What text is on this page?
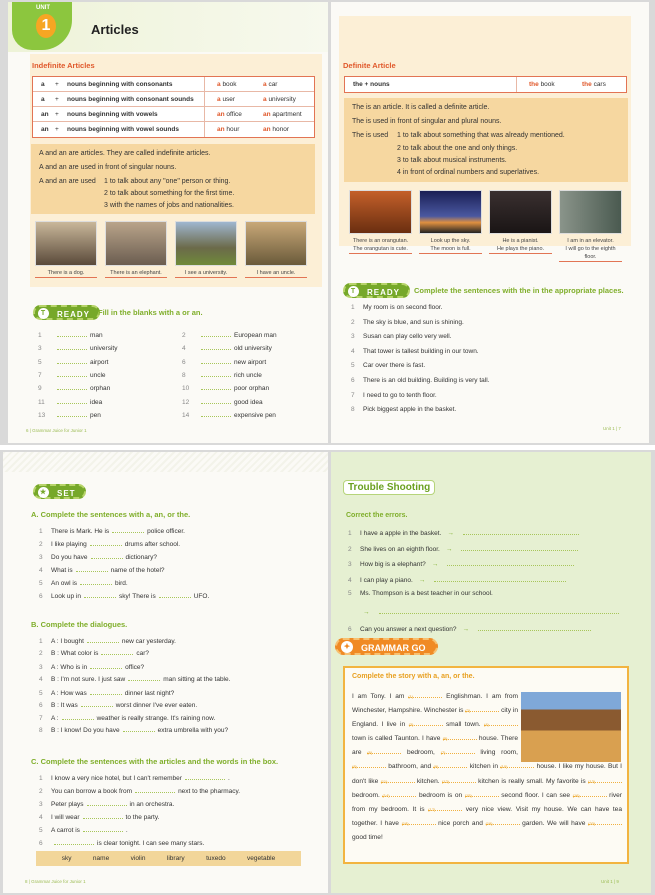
UNIT
1	Articles
Indefinite Articles
a	+	nouns beginning with consonants	a book	a car
a	+	nouns beginning with consonant sounds	a user	a university
an +	nouns beginning with vowels	an office	an apartment
an +	nouns beginning with vowel sounds	an hour	an honor
A and an are articles. They are called indefinite articles.
A and an are used in front of singular nouns.
A and an are used 1 to talk about any "one" person or thing.
2 to talk about something for the first time.
3 with the names of jobs and nationalities.
There is a dog.	There is an elephant.	I see a university.	I have an uncle.
T	READY	Fill in the blanks with a or an.
6 | Grammar Juice for Junior 1
1	man	2	European man
3	university	4	old university
5	airport	6	new airport
7	uncle	8	rich uncle
9	orphan	10	poor orphan
11	idea	12	good idea
13	pen	14	expensive pen
Definite Article
the + nouns	the book	the cars
The is an article. It is called a definite article.
The is used in front of singular and plural nouns.
The is used 1 to talk about something that was already mentioned.
2 to talk about the one and only things.
3 to talk about musical instruments.
4 in front of ordinal numbers and superlatives.
T	READY	Complete the sentences with the in the appropriate places.
Unit 1 | 7
There is an orangutan.
The orangutan is cute.
Look up the sky.
The moon is full.
He is a pianist.
He plays the piano.
I am in an elevator.
I will go to the eighth floor.
1 My room is on second floor.
2 The sky is blue, and sun is shining.
3 Susan can play cello very well.
4 That tower is tallest building in our town.
5 Car over there is fast.
6 There is an old building. Building is very tall.
7 I need to go to tenth floor.
8 Pick biggest apple in the basket.
★ SET
A. Complete the sentences with a, an, or the.
B. Complete the dialogues.
C. Complete the sentences with the articles and the words in the box.
sky	name	violin	library	tuxedo	vegetable
8 | Grammar Juice for Junior 1
1 There is Mark. He is	police officer.
2 I like playing	drums after school.
3 Do you have	dictionary?
4 What is	name of the hotel?
5 An owl is	bird.
6 Look up in	sky! There is	UFO.
1 A : I bought	new car yesterday.
2 B : What color is	car?
3 A : Who is in	office?
4 B : I'm not sure. I just saw	man sitting at the table.
5 A : How was	dinner last night?
6 B : It was	worst dinner I've ever eaten.
7 A :	weather is really strange. It's raining now.
8 B : I know! Do you have	extra umbrella with you?
1 I know a very nice hotel, but I can't remember	.
2 You can borrow a book from	next to the pharmacy.
3 Peter plays	in an orchestra.
4 I will wear	to the party.
5 A carrot is	.
6	is clear tonight. I can see many stars.
Trouble Shooting
Correct the errors.
✦ GRAMMAR GO
Complete the story with a, an, or the.
I am Tony. I am (1)	Englishman. I am from Winchester, Hampshire. Winchester is (2)	city in England. I live in (3)	small town. (4) town is called Taunton. I have (5)	house. There are (6)	bedroom, (7)	living room, (8)	bathroom, and (9)	kitchen in (10)	house. I like my house. But I don't like (11)	kitchen. (12)	kitchen is really small. My favorite is (13) bedroom. (14)	bedroom is on (15)	second floor. I can see (16)	river from my bedroom. It is (17)	very nice view. Visit my house. We can have tea together. I have (18)	nice porch and (19)	garden. We will have (20) good time!
Unit 1 | 9
1 I have a apple in the basket. →
2 She lives on an eighth floor. →
3 How big is a elephant? →
4 I can play a piano. →
5 Ms. Thompson is a best teacher in our school.
6 Can you answer a next question? →
→
